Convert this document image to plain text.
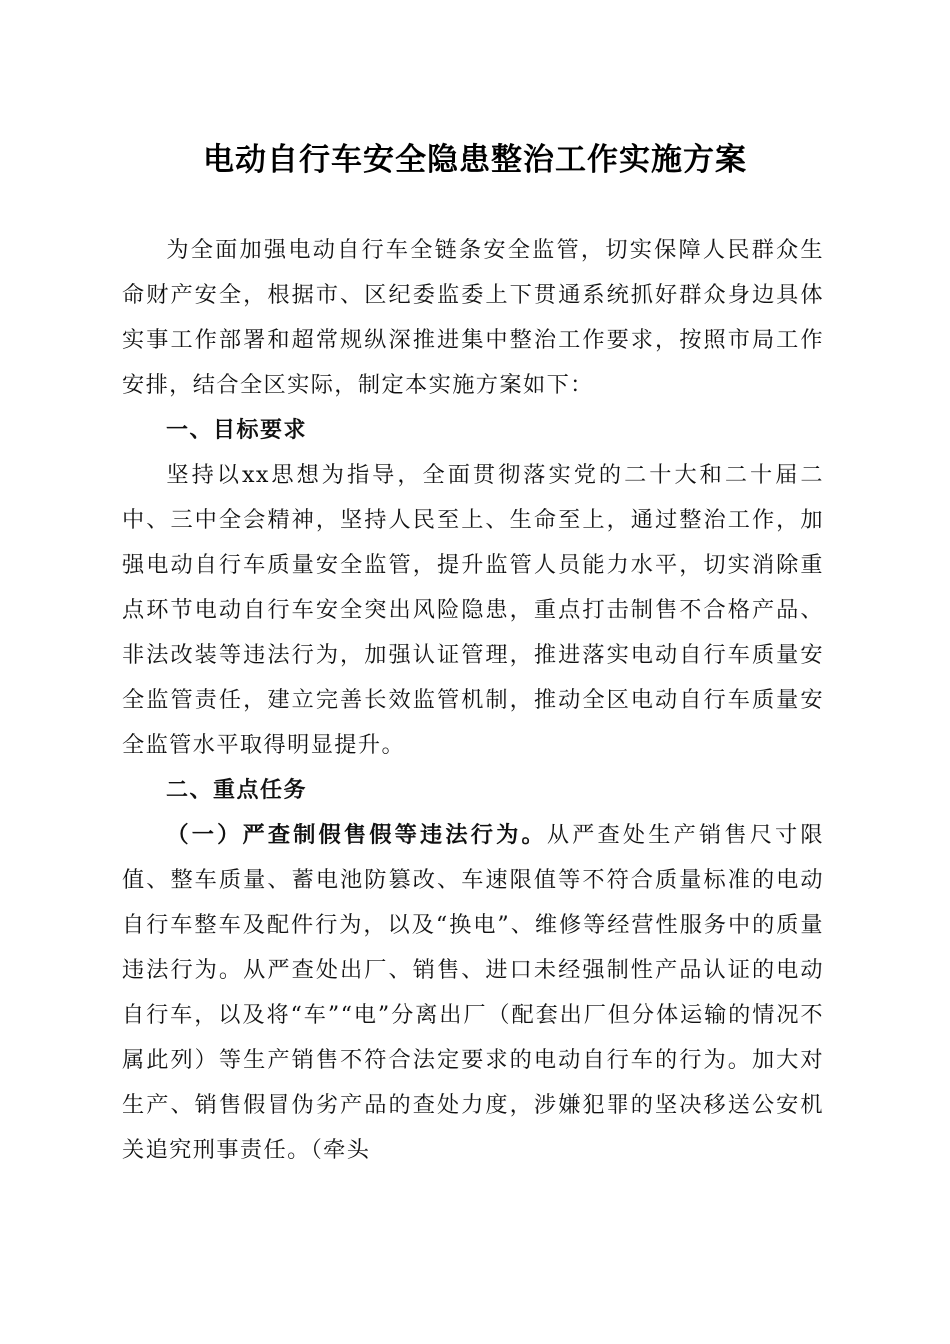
电动自行车安全隐患整治工作实施方案

为全面加强电动自行车全链条安全监管，切实保障人民群众生命财产安全，根据市、区纪委监委上下贯通系统抓好群众身边具体实事工作部署和超常规纵深推进集中整治工作要求，按照市局工作安排，结合全区实际，制定本实施方案如下：

一、目标要求

坚持以xx思想为指导，全面贯彻落实党的二十大和二十届二中、三中全会精神，坚持人民至上、生命至上，通过整治工作，加强电动自行车质量安全监管，提升监管人员能力水平，切实消除重点环节电动自行车安全突出风险隐患，重点打击制售不合格产品、非法改装等违法行为，加强认证管理，推进落实电动自行车质量安全监管责任，建立完善长效监管机制，推动全区电动自行车质量安全监管水平取得明显提升。

二、重点任务

（一）严查制假售假等违法行为。从严查处生产销售尺寸限值、整车质量、蓄电池防篡改、车速限值等不符合质量标准的电动自行车整车及配件行为，以及“换电”、维修等经营性服务中的质量违法行为。从严查处出厂、销售、进口未经强制性产品认证的电动自行车，以及将“车”“电”分离出厂（配套出厂但分体运输的情况不属此列）等生产销售不符合法定要求的电动自行车的行为。加大对生产、销售假冒伪劣产品的查处力度，涉嫌犯罪的坚决移送公安机关追究刑事责任。（牵头
